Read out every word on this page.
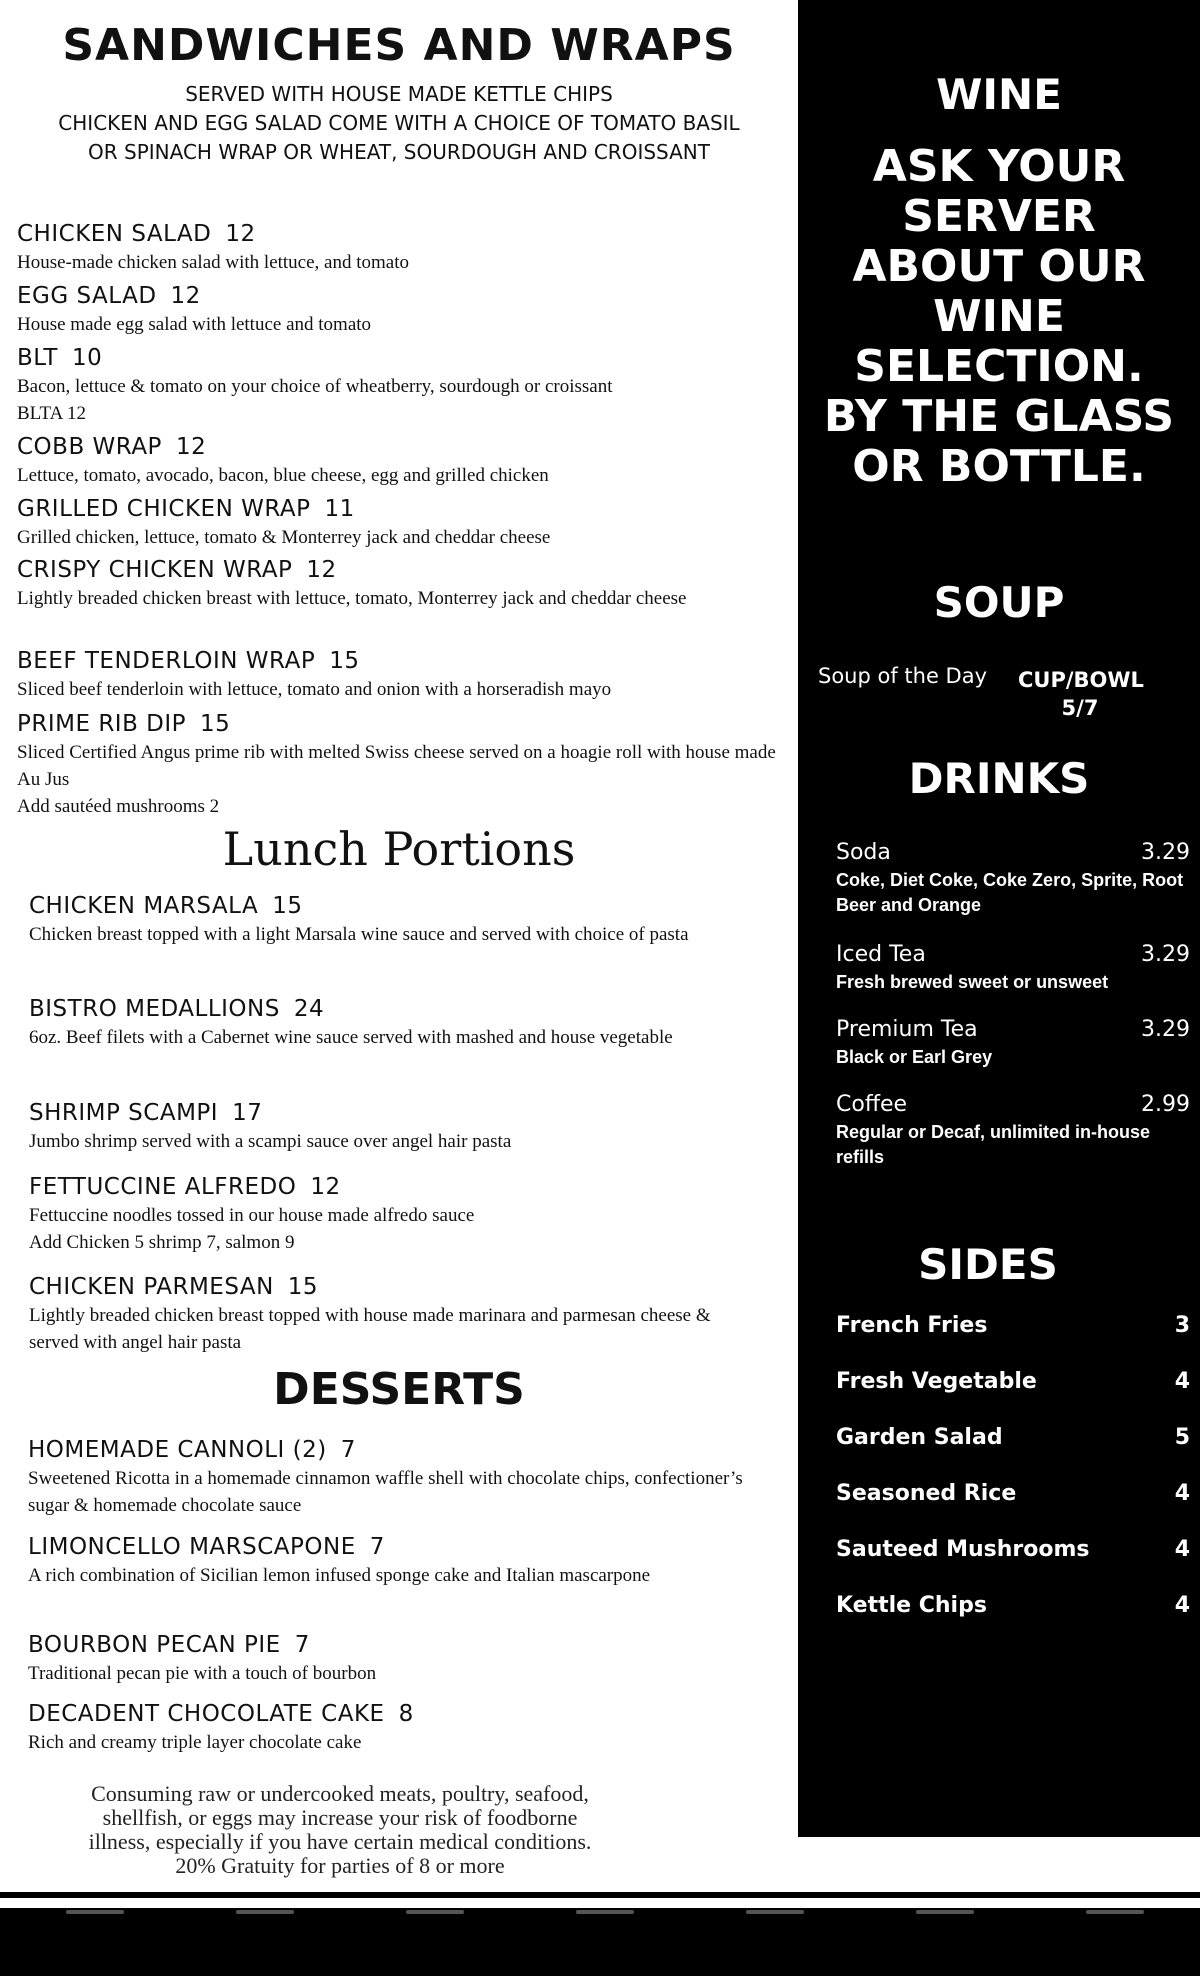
SANDWICHES AND WRAPS
SERVED WITH HOUSE MADE KETTLE CHIPS
CHICKEN AND EGG SALAD COME WITH A CHOICE OF TOMATO BASIL
OR SPINACH WRAP OR WHEAT, SOURDOUGH AND CROISSANT
CHICKEN SALAD 12
House-made chicken salad with lettuce, and tomato
EGG SALAD 12
House made egg salad with lettuce and tomato
BLT 10
Bacon, lettuce & tomato on your choice of wheatberry, sourdough or croissant
BLTA 12
COBB WRAP 12
Lettuce, tomato, avocado, bacon, blue cheese, egg and grilled chicken
GRILLED CHICKEN WRAP 11
Grilled chicken, lettuce, tomato & Monterrey jack and cheddar cheese
CRISPY CHICKEN WRAP 12
Lightly breaded chicken breast with lettuce, tomato, Monterrey jack and cheddar cheese
BEEF TENDERLOIN WRAP 15
Sliced beef tenderloin with lettuce, tomato and onion with a horseradish mayo
PRIME RIB DIP 15
Sliced Certified Angus prime rib with melted Swiss cheese served on a hoagie roll with house made Au Jus
Add sautéed mushrooms 2
Lunch Portions
CHICKEN MARSALA 15
Chicken breast topped with a light Marsala wine sauce and served with choice of pasta
BISTRO MEDALLIONS 24
6oz. Beef filets with a Cabernet wine sauce served with mashed and house vegetable
SHRIMP SCAMPI 17
Jumbo shrimp served with a scampi sauce over angel hair pasta
FETTUCCINE ALFREDO 12
Fettuccine noodles tossed in our house made alfredo sauce
Add Chicken 5 shrimp 7, salmon 9
CHICKEN PARMESAN 15
Lightly breaded chicken breast topped with house made marinara and parmesan cheese & served with angel hair pasta
DESSERTS
HOMEMADE CANNOLI (2) 7
Sweetened Ricotta in a homemade cinnamon waffle shell with chocolate chips, confectioner’s sugar & homemade chocolate sauce
LIMONCELLO MARSCAPONE 7
A rich combination of Sicilian lemon infused sponge cake and Italian mascarpone
BOURBON PECAN PIE 7
Traditional pecan pie with a touch of bourbon
DECADENT CHOCOLATE CAKE 8
Rich and creamy triple layer chocolate cake
Consuming raw or undercooked meats, poultry, seafood,
shellfish, or eggs may increase your risk of foodborne
illness, especially if you have certain medical conditions.
20% Gratuity for parties of 8 or more
WINE
ASK YOUR SERVER ABOUT OUR WINE SELECTION. BY THE GLASS OR BOTTLE.
SOUP
Soup of the Day CUP/BOWL
5/7
DRINKS
Soda	3.29
Coke, Diet Coke, Coke Zero, Sprite, Root Beer and Orange
Iced Tea	3.29
Fresh brewed sweet or unsweet
Premium Tea	3.29
Black or Earl Grey
Coffee	2.99
Regular or Decaf, unlimited in-house refills
SIDES
French Fries	3
Fresh Vegetable	4
Garden Salad	5
Seasoned Rice	4
Sauteed Mushrooms	4
Kettle Chips	4
